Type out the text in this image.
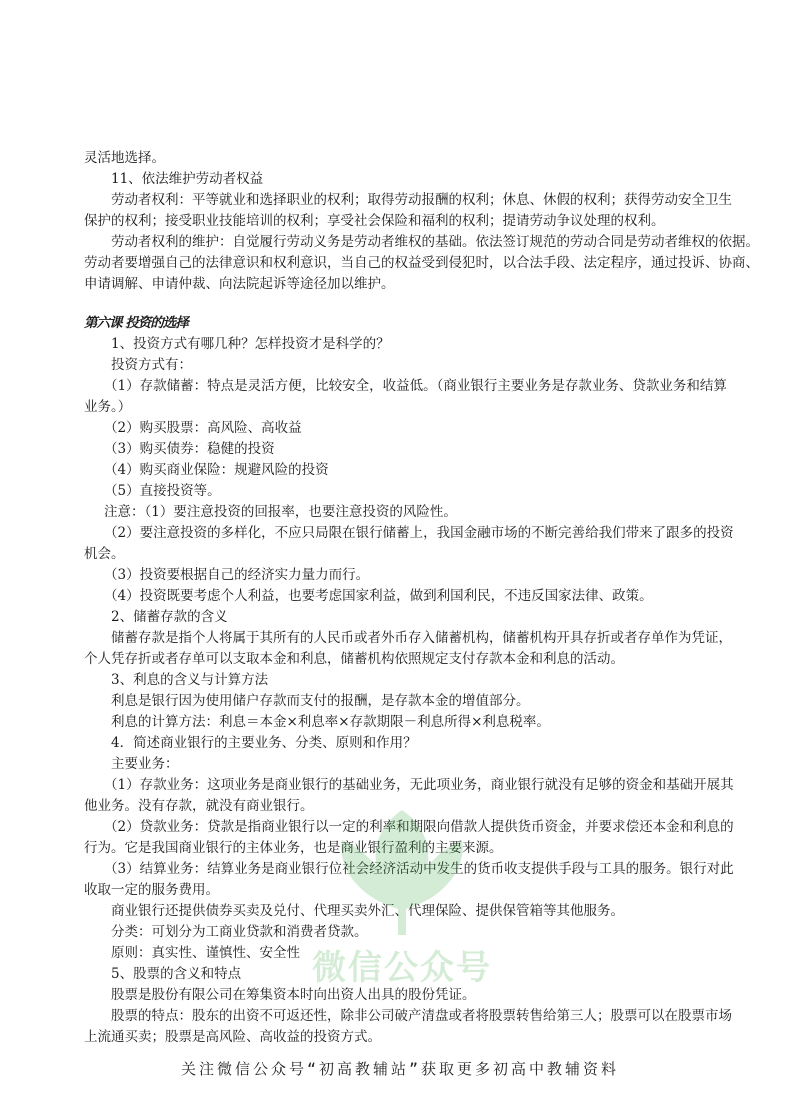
灵活地选择。
11、依法维护劳动者权益
劳动者权利：平等就业和选择职业的权利；取得劳动报酬的权利；休息、休假的权利；获得劳动安全卫生
保护的权利；接受职业技能培训的权利；享受社会保险和福利的权利；提请劳动争议处理的权利。
劳动者权利的维护：自觉履行劳动义务是劳动者维权的基础。依法签订规范的劳动合同是劳动者维权的依据。
劳动者要增强自己的法律意识和权利意识，当自己的权益受到侵犯时，以合法手段、法定程序，通过投诉、协商、
申请调解、申请仲裁、向法院起诉等途径加以维护。
第六课 投资的选择
1、投资方式有哪几种？怎样投资才是科学的？
投资方式有：
（1）存款储蓄：特点是灵活方便，比较安全，收益低。（商业银行主要业务是存款业务、贷款业务和结算
业务。）
（2）购买股票：高风险、高收益
（3）购买债券：稳健的投资
（4）购买商业保险：规避风险的投资
（5）直接投资等。
注意：（1）要注意投资的回报率，也要注意投资的风险性。
（2）要注意投资的多样化，不应只局限在银行储蓄上，我国金融市场的不断完善给我们带来了跟多的投资
机会。
（3）投资要根据自己的经济实力量力而行。
（4）投资既要考虑个人利益，也要考虑国家利益，做到利国利民，不违反国家法律、政策。
2、储蓄存款的含义
储蓄存款是指个人将属于其所有的人民币或者外币存入储蓄机构，储蓄机构开具存折或者存单作为凭证，
个人凭存折或者存单可以支取本金和利息，储蓄机构依照规定支付存款本金和利息的活动。
3、利息的含义与计算方法
利息是银行因为使用储户存款而支付的报酬，是存款本金的增值部分。
利息的计算方法：利息＝本金×利息率×存款期限－利息所得×利息税率。
4．简述商业银行的主要业务、分类、原则和作用？
主要业务：
（1）存款业务：这项业务是商业银行的基础业务，无此项业务，商业银行就没有足够的资金和基础开展其
他业务。没有存款，就没有商业银行。
（2）贷款业务：贷款是指商业银行以一定的利率和期限向借款人提供货币资金，并要求偿还本金和利息的
行为。它是我国商业银行的主体业务，也是商业银行盈利的主要来源。
（3）结算业务：结算业务是商业银行位社会经济活动中发生的货币收支提供手段与工具的服务。银行对此
收取一定的服务费用。
商业银行还提供债券买卖及兑付、代理买卖外汇、代理保险、提供保管箱等其他服务。
分类：可划分为工商业贷款和消费者贷款。
原则：真实性、谨慎性、安全性
5、股票的含义和特点
股票是股份有限公司在筹集资本时向出资人出具的股份凭证。
股票的特点：股东的出资不可返还性，除非公司破产清盘或者将股票转售给第三人；股票可以在股票市场
上流通买卖；股票是高风险、高收益的投资方式。
微信公众号
关注微信公众号“初高教辅站”获取更多初高中教辅资料
